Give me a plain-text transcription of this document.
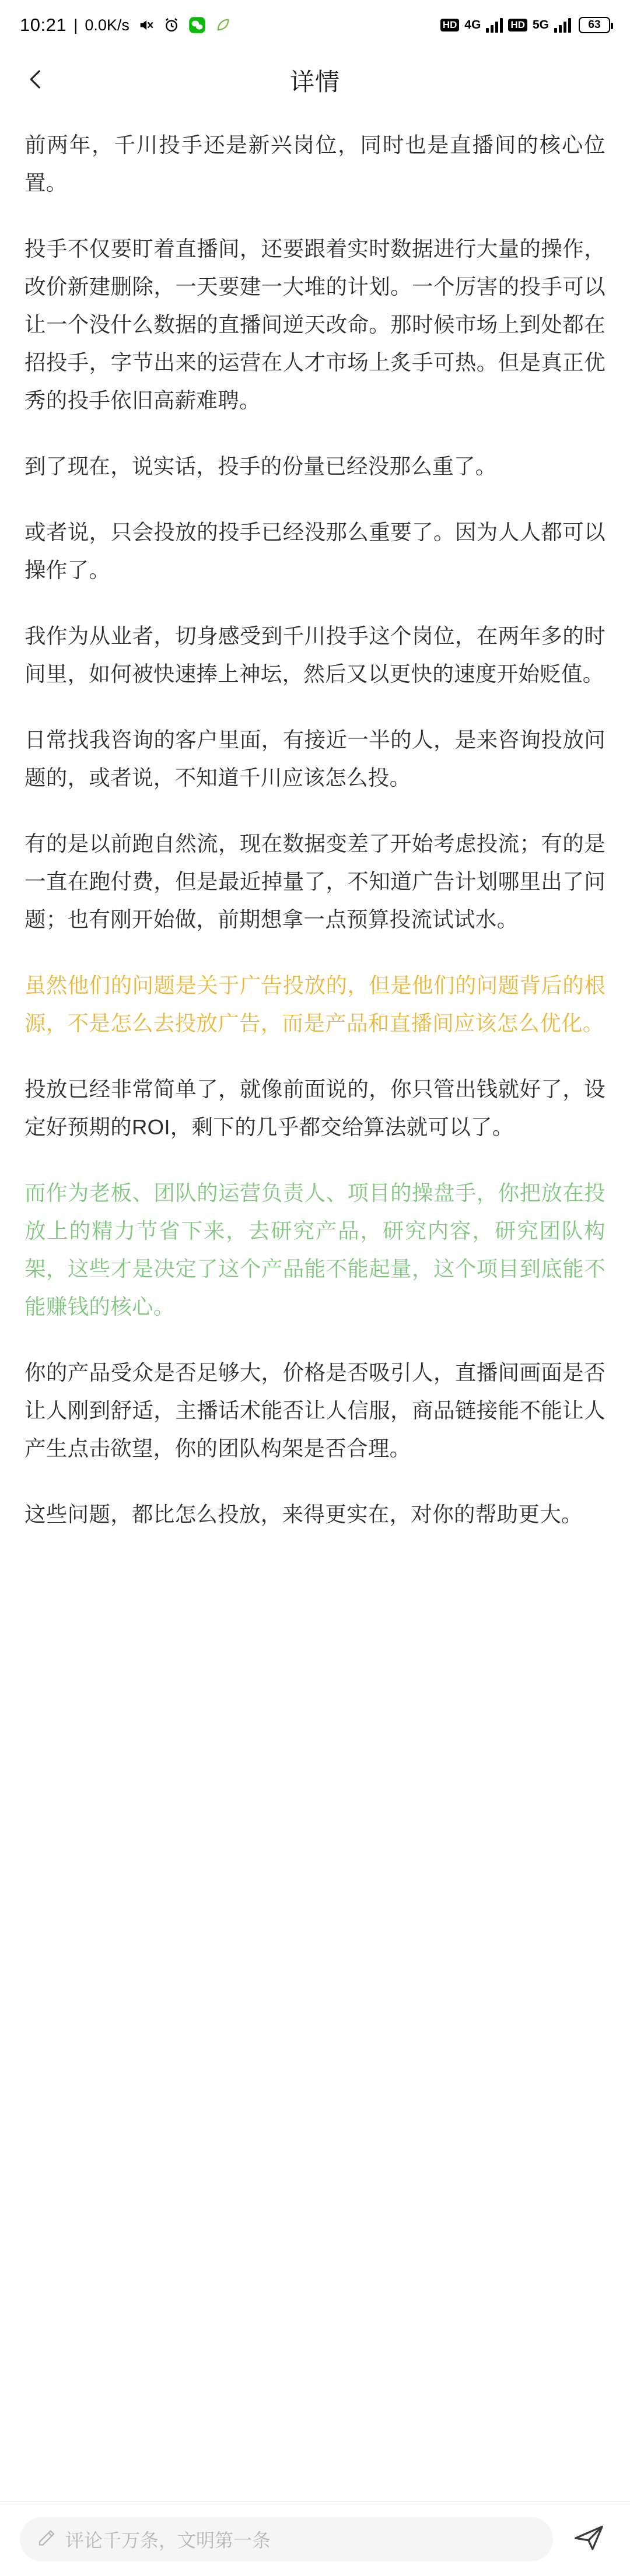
10:21 | 0.0K/s	HD 4G	HD 5G	63
详情

前两年，千川投手还是新兴岗位，同时也是直播间的核心位置。

投手不仅要盯着直播间，还要跟着实时数据进行大量的操作，改价新建删除，一天要建一大堆的计划。一个厉害的投手可以让一个没什么数据的直播间逆天改命。那时候市场上到处都在招投手，字节出来的运营在人才市场上炙手可热。但是真正优秀的投手依旧高薪难聘。

到了现在，说实话，投手的份量已经没那么重了。

或者说，只会投放的投手已经没那么重要了。因为人人都可以操作了。

我作为从业者，切身感受到千川投手这个岗位，在两年多的时间里，如何被快速捧上神坛，然后又以更快的速度开始贬值。

日常找我咨询的客户里面，有接近一半的人，是来咨询投放问题的，或者说，不知道千川应该怎么投。

有的是以前跑自然流，现在数据变差了开始考虑投流；有的是一直在跑付费，但是最近掉量了，不知道广告计划哪里出了问题；也有刚开始做，前期想拿一点预算投流试试水。

虽然他们的问题是关于广告投放的，但是他们的问题背后的根源，不是怎么去投放广告，而是产品和直播间应该怎么优化。

投放已经非常简单了，就像前面说的，你只管出钱就好了，设定好预期的ROI，剩下的几乎都交给算法就可以了。

而作为老板、团队的运营负责人、项目的操盘手，你把放在投放上的精力节省下来，去研究产品，研究内容，研究团队构架，这些才是决定了这个产品能不能起量，这个项目到底能不能赚钱的核心。

你的产品受众是否足够大，价格是否吸引人，直播间画面是否让人刚到舒适，主播话术能否让人信服，商品链接能不能让人产生点击欲望，你的团队构架是否合理。

这些问题，都比怎么投放，来得更实在，对你的帮助更大。

评论千万条，文明第一条
